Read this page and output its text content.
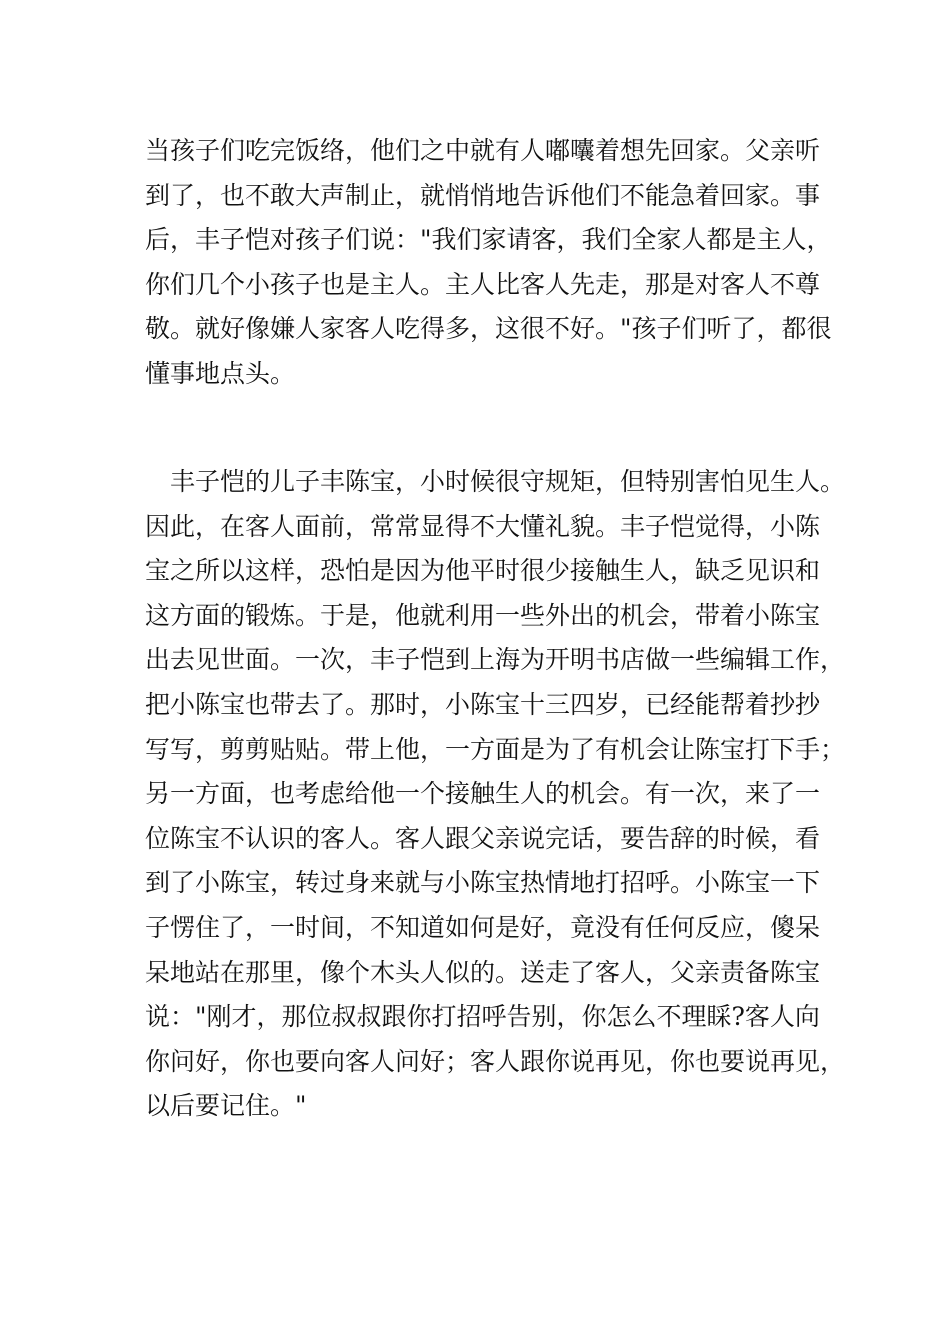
当孩子们吃完饭络，他们之中就有人嘟囔着想先回家。父亲听
到了，也不敢大声制止，就悄悄地告诉他们不能急着回家。事
后，丰子恺对孩子们说："我们家请客，我们全家人都是主人，
你们几个小孩子也是主人。主人比客人先走，那是对客人不尊
敬。就好像嫌人家客人吃得多，这很不好。"孩子们听了，都很
懂事地点头。
　丰子恺的儿子丰陈宝，小时候很守规矩，但特别害怕见生人。
因此，在客人面前，常常显得不大懂礼貌。丰子恺觉得，小陈
宝之所以这样，恐怕是因为他平时很少接触生人，缺乏见识和
这方面的锻炼。于是，他就利用一些外出的机会，带着小陈宝
出去见世面。一次，丰子恺到上海为开明书店做一些编辑工作，
把小陈宝也带去了。那时，小陈宝十三四岁，已经能帮着抄抄
写写，剪剪贴贴。带上他，一方面是为了有机会让陈宝打下手；
另一方面，也考虑给他一个接触生人的机会。有一次，来了一
位陈宝不认识的客人。客人跟父亲说完话，要告辞的时候，看
到了小陈宝，转过身来就与小陈宝热情地打招呼。小陈宝一下
子愣住了，一时间，不知道如何是好，竟没有任何反应，傻呆
呆地站在那里，像个木头人似的。送走了客人，父亲责备陈宝
说："刚才，那位叔叔跟你打招呼告别，你怎么不理睬?客人向
你问好，你也要向客人问好；客人跟你说再见，你也要说再见，
以后要记住。"
